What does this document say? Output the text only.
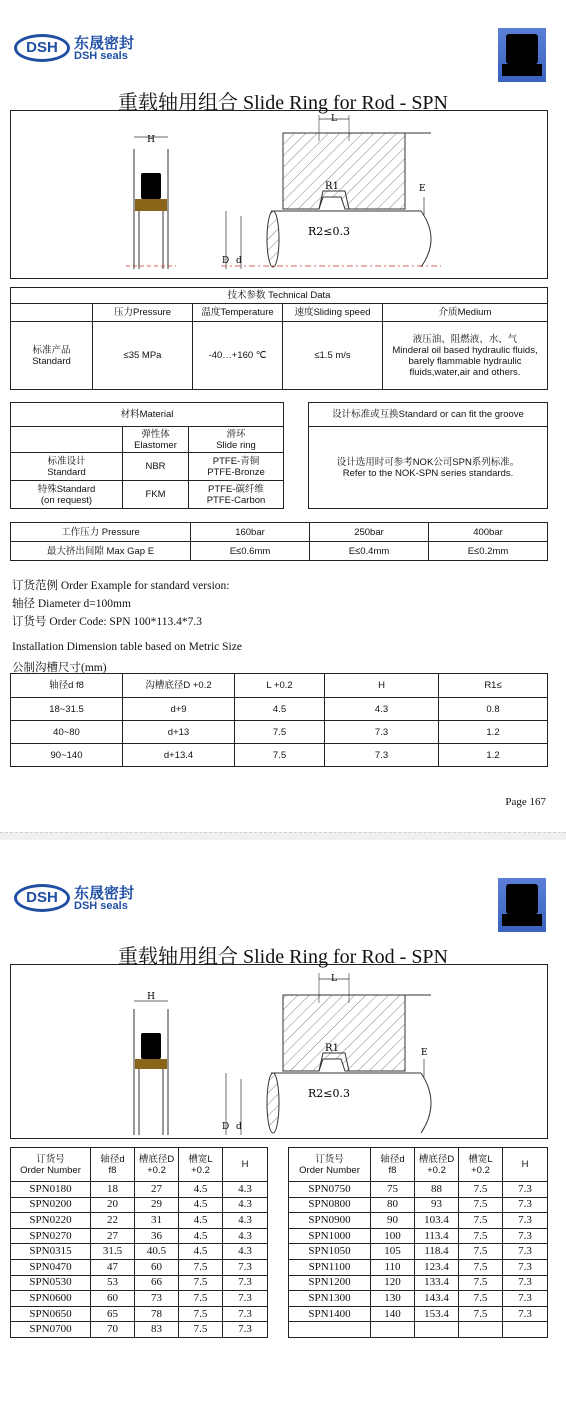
DSH	东晟密封
DSH seals
重载轴用组合 Slide Ring for Rod - SPN
H
R1
L
R2≤0.3
D d
E
技术参数 Technical Data				
	压力Pressure	温度Temperature	速度Sliding speed	介质Medium
标准产品
Standard	≤35 MPa	-40…+160 ℃	≤1.5 m/s	液压油、阻燃液、水、气
Minderal oil based hydraulic fluids,
barely flammable hydraulic
fluids,water,air and others.
材料Material		
	弹性体
Elastomer	滑环
Slide ring
标准设计
Standard	NBR	PTFE-青铜
PTFE-Bronze
特殊Standard
(on request)	FKM	PTFE-碳纤维
PTFE-Carbon
设计标准或互换Standard or can fit the groove
设计选用时可参考NOK公司SPN系列标准。
Refer to the NOK-SPN series standards.
工作压力 Pressure	160bar	250bar	400bar
最大挤出间隙 Max Gap E	E≤0.6mm	E≤0.4mm	E≤0.2mm
订货范例 Order Example for standard version:
轴径 Diameter d=100mm
订货号 Order Code: SPN 100*113.4*7.3
Installation Dimension table based on Metric Size
公制沟槽尺寸(mm)
轴径d f8	沟槽底径D +0.2	L +0.2	H	R1≤
18~31.5	d+9	4.5	4.3	0.8
40~80	d+13	7.5	7.3	1.2
90~140	d+13.4	7.5	7.3	1.2
Page 167
DSH	东晟密封
DSH seals
重载轴用组合 Slide Ring for Rod - SPN
H
R1
L
R2≤0.3
D d
E
订货号
Order Number	轴径d
f8	槽底径D
+0.2	槽宽L
+0.2	H
SPN0180	18	27	4.5	4.3
SPN0200	20	29	4.5	4.3
SPN0220	22	31	4.5	4.3
SPN0270	27	36	4.5	4.3
SPN0315	31.5	40.5	4.5	4.3
SPN0470	47	60	7.5	7.3
SPN0530	53	66	7.5	7.3
SPN0600	60	73	7.5	7.3
SPN0650	65	78	7.5	7.3
SPN0700	70	83	7.5	7.3
订货号
Order Number	轴径d
f8	槽底径D
+0.2	槽宽L
+0.2	H
SPN0750	75	88	7.5	7.3
SPN0800	80	93	7.5	7.3
SPN0900	90	103.4	7.5	7.3
SPN1000	100	113.4	7.5	7.3
SPN1050	105	118.4	7.5	7.3
SPN1100	110	123.4	7.5	7.3
SPN1200	120	133.4	7.5	7.3
SPN1300	130	143.4	7.5	7.3
SPN1400	140	153.4	7.5	7.3
